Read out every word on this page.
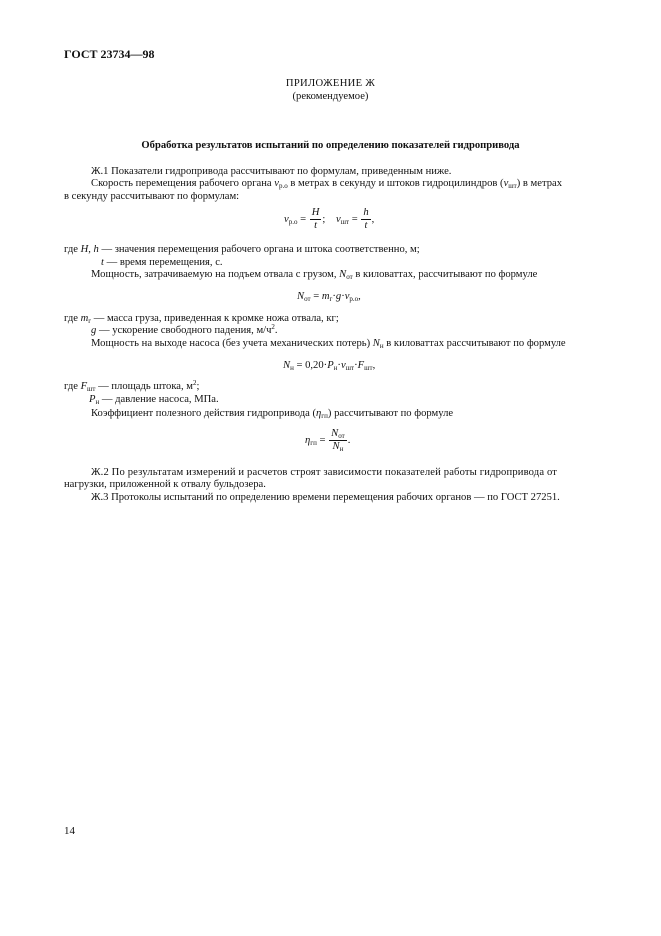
ГОСТ 23734—98
ПРИЛОЖЕНИЕ Ж
(рекомендуемое)
Обработка результатов испытаний по определению показателей гидропривода
Ж.1 Показатели гидропривода рассчитывают по формулам, приведенным ниже.
Скорость перемещения рабочего органа $v_{р.о}$ в метрах в секунду и штоков гидроцилиндров $(v_{шт})$ в метрах
в секунду рассчитывают по формулам:
$v_{р.о} = \frac{H}{t}$ ; $v_{шт} = \frac{h}{t}$ ,
где H, h — значения перемещения рабочего органа и штока соответственно, м;
t — время перемещения, с.
Мощность, затрачиваемую на подъем отвала с грузом, $N_{от}$ в киловаттах, рассчитывают по формуле
$N_{от} = m_г\cdot g\cdot v_{р.о}$,
где $m_г$ — масса груза, приведенная к кромке ножа отвала, кг;
g — ускорение свободного падения, $м/ч^2$.
Мощность на выходе насоса (без учета механических потерь) $N_н$ в киловаттах рассчитывают по формуле
$N_н = 0,20\cdot P_н\cdot v_{шт}\cdot F_{шт}$,
где $F_{шт}$ — площадь штока, $м^2$;
$P_н$ — давление насоса, МПа.
Коэффициент полезного действия гидропривода $(\eta_{гп})$ рассчитывают по формуле
$\eta_{гп} = \frac{N_{от}}{N_н}$ .
Ж.2 По результатам измерений и расчетов строят зависимости показателей работы гидропривода от
нагрузки, приложенной к отвалу бульдозера.
Ж.3 Протоколы испытаний по определению времени перемещения рабочих органов — по ГОСТ 27251.
14
